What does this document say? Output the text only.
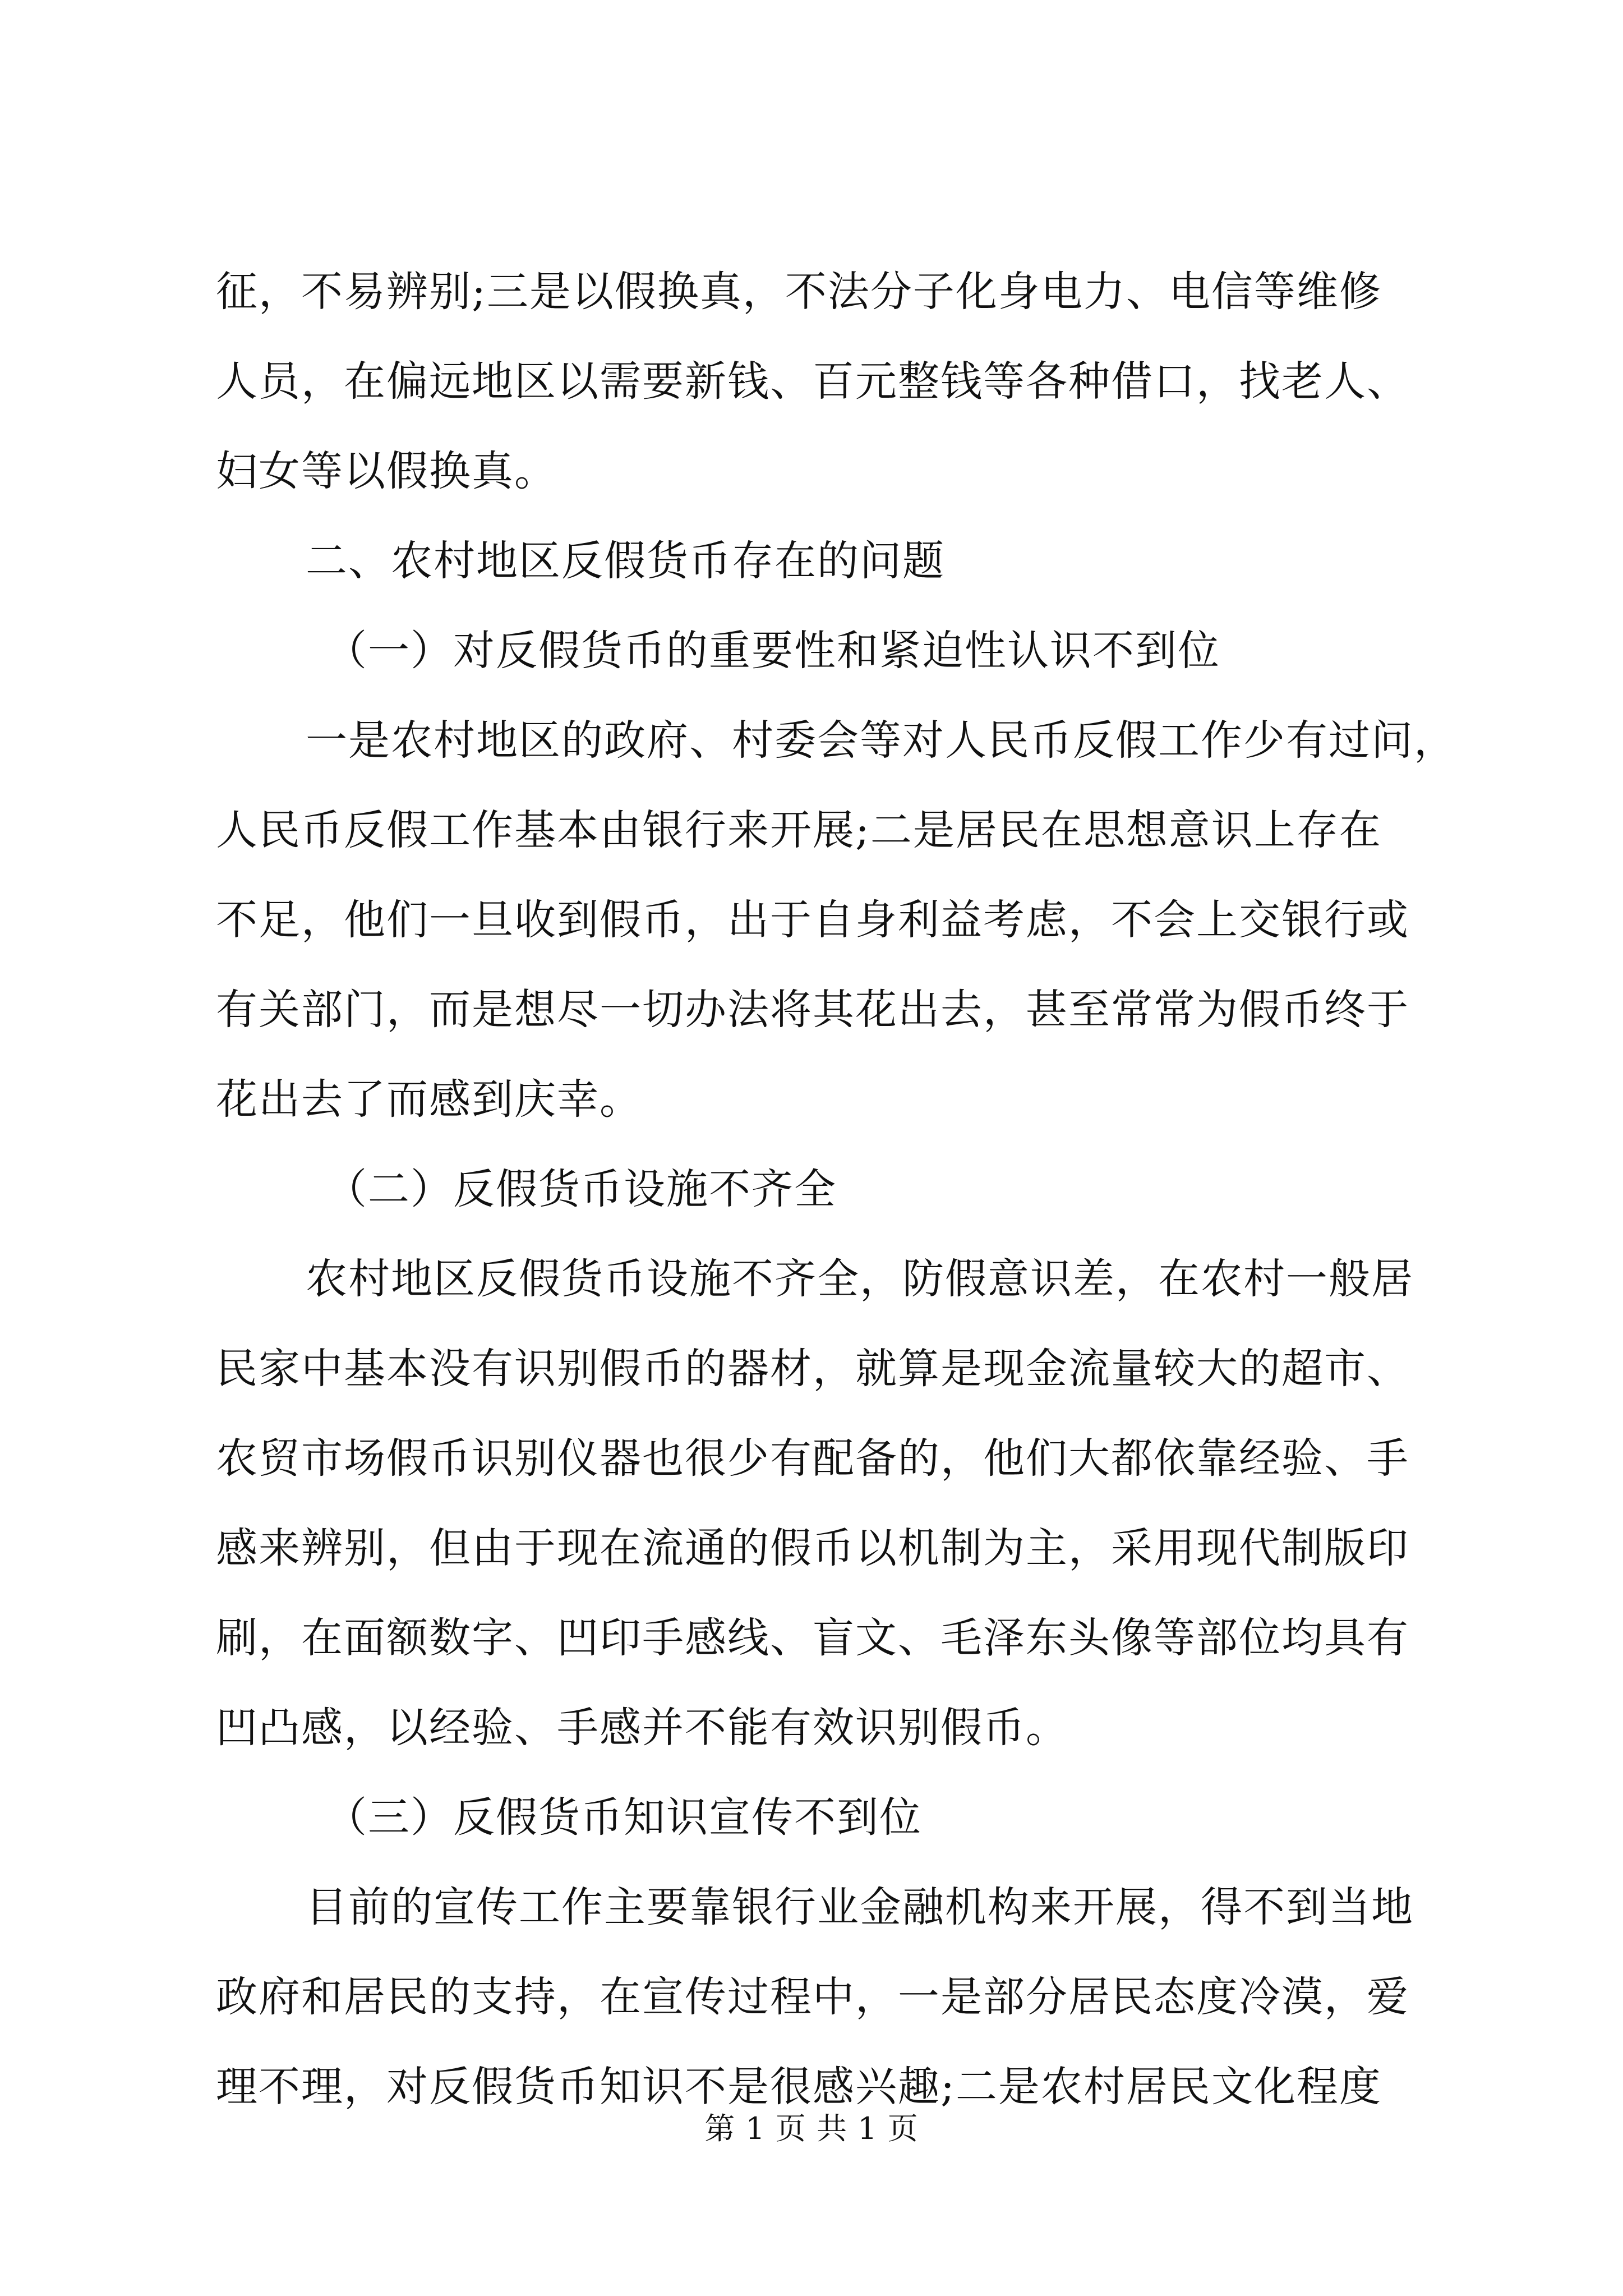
征，不易辨别;三是以假换真，不法分子化身电力、电信等维修
人员，在偏远地区以需要新钱、百元整钱等各种借口，找老人、
妇女等以假换真。
二、农村地区反假货币存在的问题
（一）对反假货币的重要性和紧迫性认识不到位
一是农村地区的政府、村委会等对人民币反假工作少有过问，
人民币反假工作基本由银行来开展;二是居民在思想意识上存在
不足，他们一旦收到假币，出于自身利益考虑，不会上交银行或
有关部门，而是想尽一切办法将其花出去，甚至常常为假币终于
花出去了而感到庆幸。
（二）反假货币设施不齐全
农村地区反假货币设施不齐全，防假意识差，在农村一般居
民家中基本没有识别假币的器材，就算是现金流量较大的超市、
农贸市场假币识别仪器也很少有配备的，他们大都依靠经验、手
感来辨别，但由于现在流通的假币以机制为主，采用现代制版印
刷，在面额数字、凹印手感线、盲文、毛泽东头像等部位均具有
凹凸感，以经验、手感并不能有效识别假币。
（三）反假货币知识宣传不到位
目前的宣传工作主要靠银行业金融机构来开展，得不到当地
政府和居民的支持，在宣传过程中，一是部分居民态度冷漠，爱
理不理，对反假货币知识不是很感兴趣;二是农村居民文化程度
第 1 页 共 1 页
